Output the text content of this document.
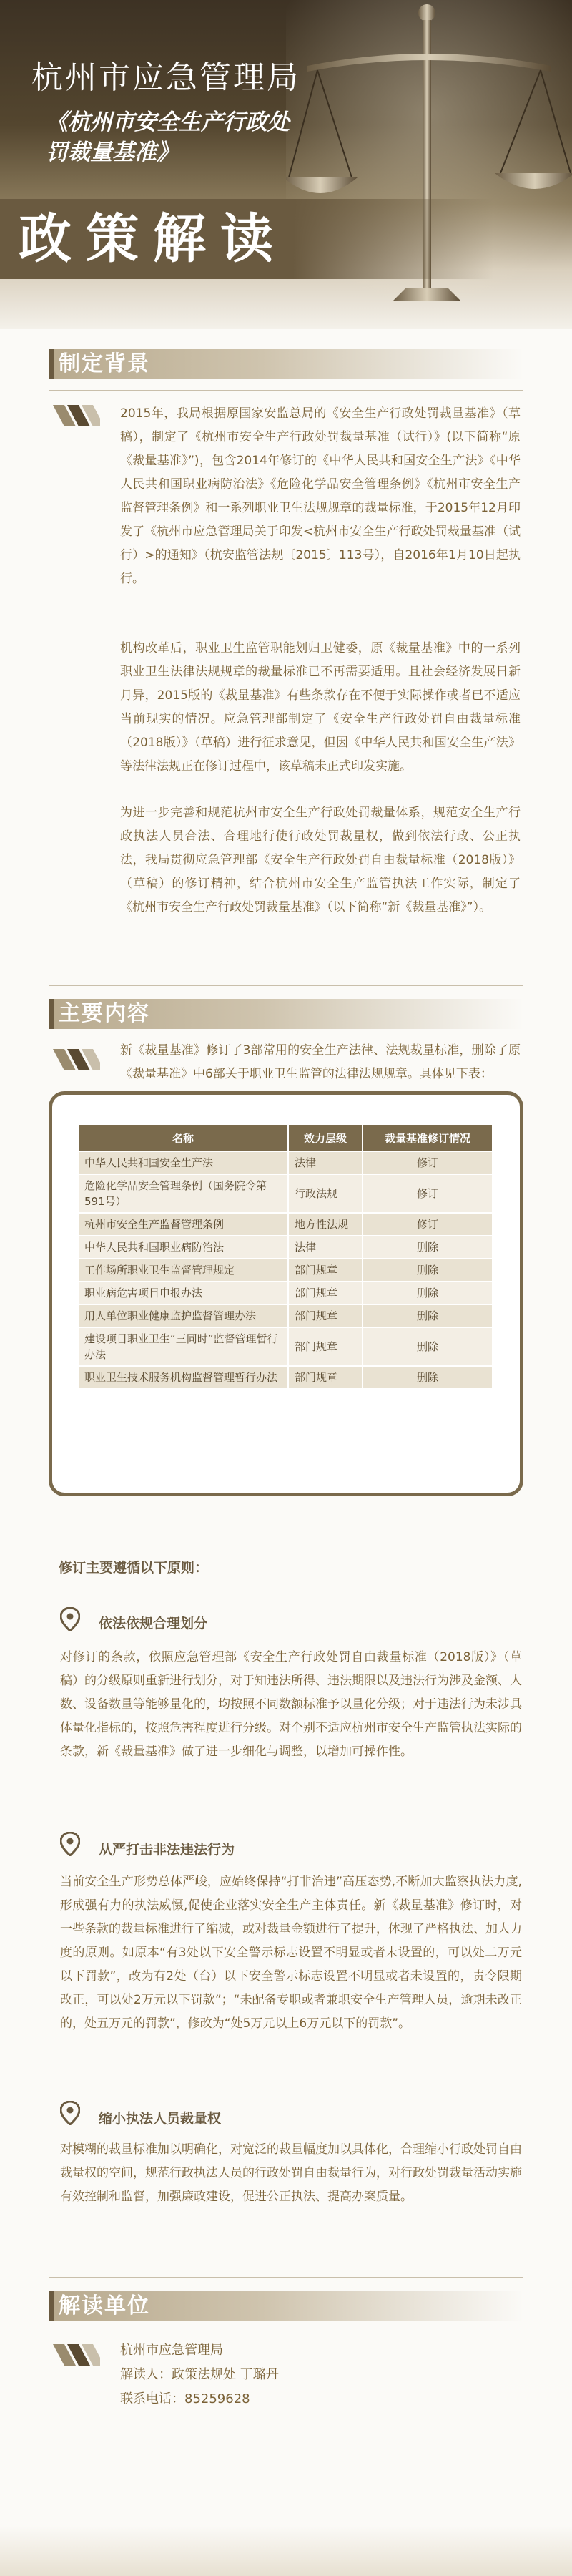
杭州市应急管理局
《杭州市安全生产行政处罚裁量基准》
政策解读
制定背景

2015年，我局根据原国家安监总局的《安全生产行政处罚裁量基准》（草稿），制定了《杭州市安全生产行政处罚裁量基准（试行）》(以下简称“原《裁量基准》”)，包含2014年修订的《中华人民共和国安全生产法》《中华人民共和国职业病防治法》《危险化学品安全管理条例》《杭州市安全生产监督管理条例》和一系列职业卫生法规规章的裁量标准，于2015年12月印发了《杭州市应急管理局关于印发<杭州市安全生产行政处罚裁量基准（试行）>的通知》（杭安监管法规〔2015〕113号），自2016年1月10日起执行。

机构改革后，职业卫生监管职能划归卫健委，原《裁量基准》中的一系列职业卫生法律法规规章的裁量标准已不再需要适用。且社会经济发展日新月异，2015版的《裁量基准》有些条款存在不便于实际操作或者已不适应当前现实的情况。应急管理部制定了《安全生产行政处罚自由裁量标准（2018版）》（草稿）进行征求意见，但因《中华人民共和国安全生产法》等法律法规正在修订过程中，该草稿未正式印发实施。

为进一步完善和规范杭州市安全生产行政处罚裁量体系，规范安全生产行政执法人员合法、合理地行使行政处罚裁量权，做到依法行政、公正执法，我局贯彻应急管理部《安全生产行政处罚自由裁量标准（2018版）》（草稿）的修订精神，结合杭州市安全生产监管执法工作实际，制定了《杭州市安全生产行政处罚裁量基准》（以下简称“新《裁量基准》”）。

主要内容

新《裁量基准》修订了3部常用的安全生产法律、法规裁量标准，删除了原《裁量基准》中6部关于职业卫生监管的法律法规规章。具体见下表：

名称	效力层级	裁量基准修订情况
中华人民共和国安全生产法	法律	修订
危险化学品安全管理条例（国务院令第591号）	行政法规	修订
杭州市安全生产监督管理条例	地方性法规	修订
中华人民共和国职业病防治法	法律	删除
工作场所职业卫生监督管理规定	部门规章	删除
职业病危害项目申报办法	部门规章	删除
用人单位职业健康监护监督管理办法	部门规章	删除
建设项目职业卫生“三同时”监督管理暂行办法	部门规章	删除
职业卫生技术服务机构监督管理暂行办法	部门规章	删除
修订主要遵循以下原则：
依法依规合理划分

对修订的条款，依照应急管理部《安全生产行政处罚自由裁量标准（2018版）》（草稿）的分级原则重新进行划分，对于知违法所得、违法期限以及违法行为涉及金额、人数、设备数量等能够量化的，均按照不同数额标准予以量化分级；对于违法行为未涉具体量化指标的，按照危害程度进行分级。对个别不适应杭州市安全生产监管执法实际的条款，新《裁量基准》做了进一步细化与调整，以增加可操作性。

从严打击非法违法行为

当前安全生产形势总体严峻，应始终保持“打非治违”高压态势,不断加大监察执法力度,形成强有力的执法威慑,促使企业落实安全生产主体责任。新《裁量基准》修订时，对一些条款的裁量标准进行了缩减，或对裁量金额进行了提升，体现了严格执法、加大力度的原则。如原本“有3处以下安全警示标志设置不明显或者未设置的，可以处二万元以下罚款”，改为有2处（台）以下安全警示标志设置不明显或者未设置的，责令限期改正，可以处2万元以下罚款”；“未配备专职或者兼职安全生产管理人员，逾期未改正的，处五万元的罚款”，修改为“处5万元以上6万元以下的罚款”。

缩小执法人员裁量权

对模糊的裁量标准加以明确化，对宽泛的裁量幅度加以具体化，合理缩小行政处罚自由裁量权的空间，规范行政执法人员的行政处罚自由裁量行为，对行政处罚裁量活动实施有效控制和监督，加强廉政建设，促进公正执法、提高办案质量。

解读单位
杭州市应急管理局
解读人：政策法规处 丁璐丹
联系电话：85259628
